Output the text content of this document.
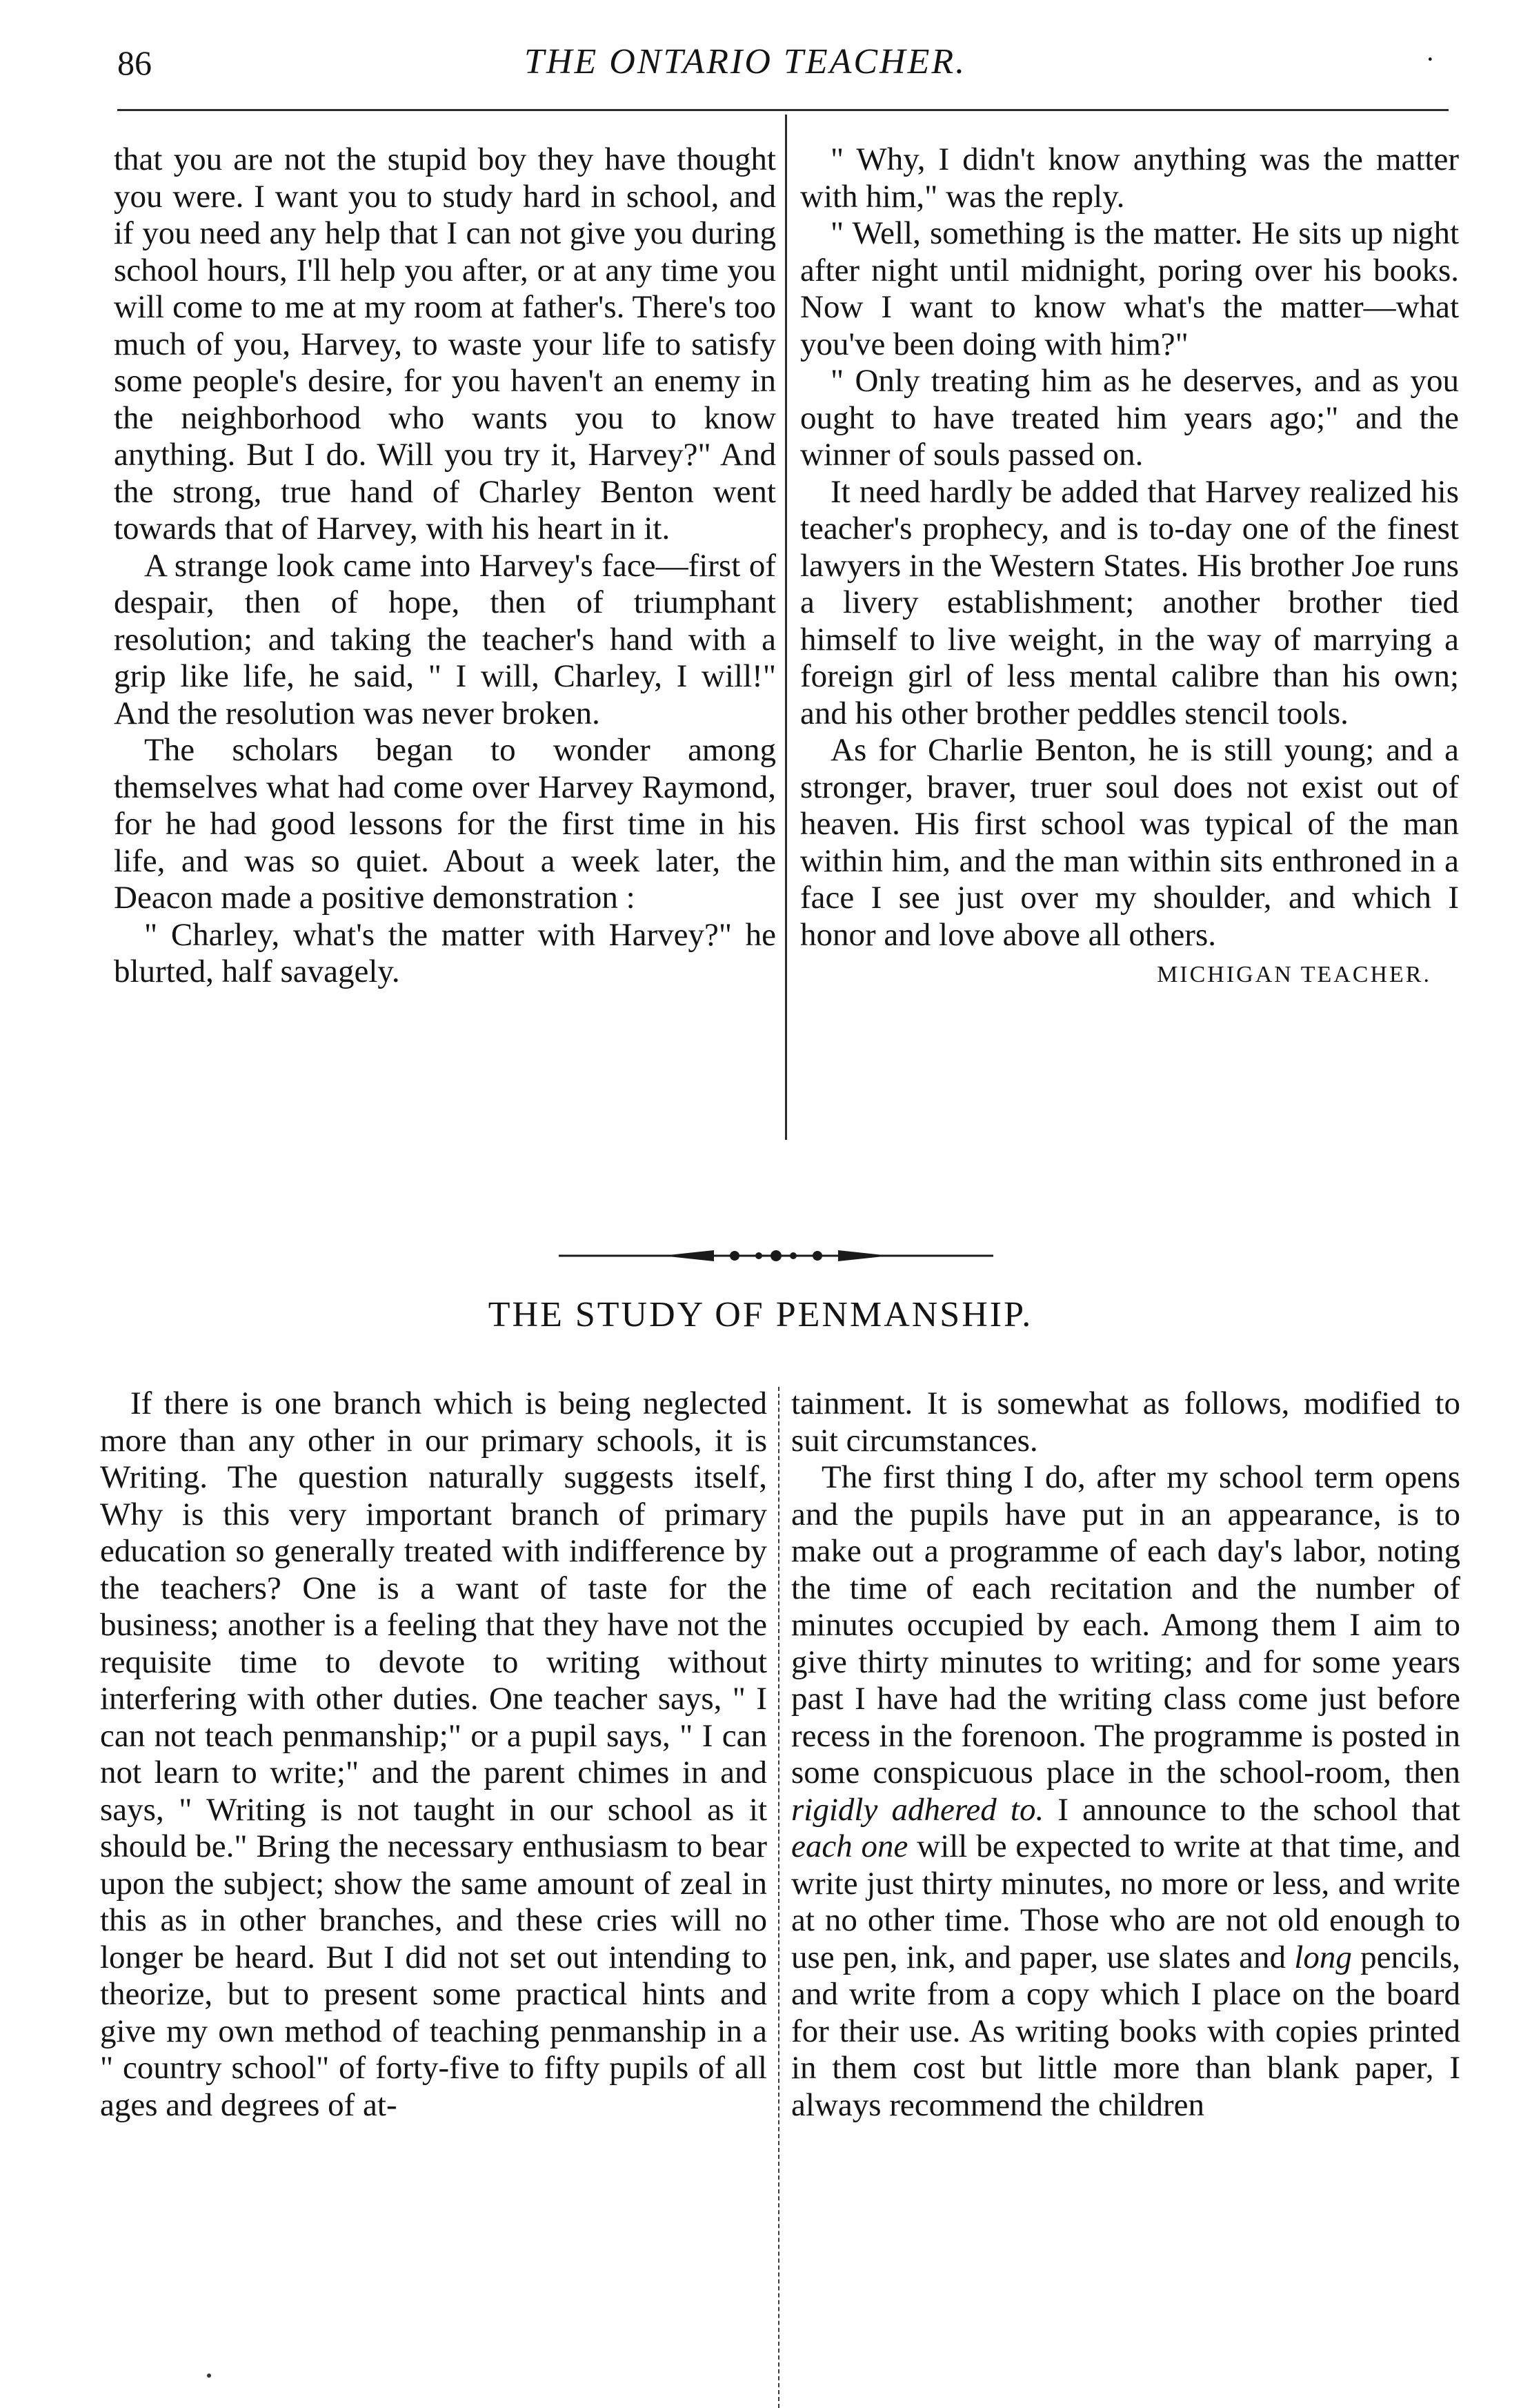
86	THE ONTARIO TEACHER.	·

that you are not the stupid boy they have thought you were. I want you to study hard in school, and if you need any help that I can not give you during school hours, I'll help you after, or at any time you will come to me at my room at father's. There's too much of you, Harvey, to waste your life to satisfy some people's desire, for you haven't an enemy in the neighborhood who wants you to know anything. But I do. Will you try it, Harvey?" And the strong, true hand of Charley Benton went towards that of Harvey, with his heart in it.

A strange look came into Harvey's face—first of despair, then of hope, then of triumphant resolution; and taking the teacher's hand with a grip like life, he said, " I will, Charley, I will!" And the resolution was never broken.

The scholars began to wonder among themselves what had come over Harvey Raymond, for he had good lessons for the first time in his life, and was so quiet. About a week later, the Deacon made a positive demonstration :

" Charley, what's the matter with Harvey?" he blurted, half savagely.

" Why, I didn't know anything was the matter with him," was the reply.

" Well, something is the matter. He sits up night after night until midnight, poring over his books. Now I want to know what's the matter—what you've been doing with him?"

" Only treating him as he deserves, and as you ought to have treated him years ago;" and the winner of souls passed on.

It need hardly be added that Harvey realized his teacher's prophecy, and is to-day one of the finest lawyers in the Western States. His brother Joe runs a livery establishment; another brother tied himself to live weight, in the way of marrying a foreign girl of less mental calibre than his own; and his other brother peddles stencil tools.

As for Charlie Benton, he is still young; and a stronger, braver, truer soul does not exist out of heaven. His first school was typical of the man within him, and the man within sits enthroned in a face I see just over my shoulder, and which I honor and love above all others.

MICHIGAN TEACHER.
THE STUDY OF PENMANSHIP.

If there is one branch which is being neglected more than any other in our primary schools, it is Writing. The question naturally suggests itself, Why is this very important branch of primary education so generally treated with indifference by the teachers? One is a want of taste for the business; another is a feeling that they have not the requisite time to devote to writing without interfering with other duties. One teacher says, " I can not teach penmanship;" or a pupil says, " I can not learn to write;" and the parent chimes in and says, " Writing is not taught in our school as it should be." Bring the necessary enthusiasm to bear upon the subject; show the same amount of zeal in this as in other branches, and these cries will no longer be heard. But I did not set out intending to theorize, but to present some practical hints and give my own method of teaching penmanship in a " country school" of forty-five to fifty pupils of all ages and degrees of at-

tainment. It is somewhat as follows, modified to suit circumstances.

The first thing I do, after my school term opens and the pupils have put in an appearance, is to make out a programme of each day's labor, noting the time of each recitation and the number of minutes occupied by each. Among them I aim to give thirty minutes to writing; and for some years past I have had the writing class come just before recess in the forenoon. The programme is posted in some conspicuous place in the school-room, then rigidly adhered to. I announce to the school that each one will be expected to write at that time, and write just thirty minutes, no more or less, and write at no other time. Those who are not old enough to use pen, ink, and paper, use slates and long pencils, and write from a copy which I place on the board for their use. As writing books with copies printed in them cost but little more than blank paper, I always recommend the children
